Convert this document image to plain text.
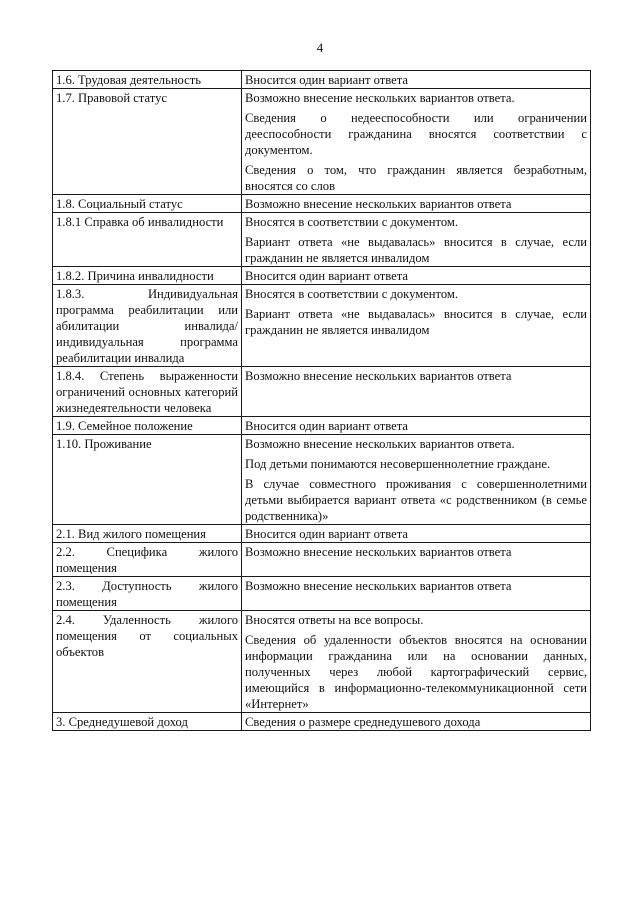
4
1.6. Трудовая деятельность	Вносится один вариант ответа

1.7. Правовой статус	Возможно внесение нескольких вариантов ответа.
Сведения о недееспособности или ограничении дееспособности гражданина вносятся соответствии с документом.
Сведения о том, что гражданин является безработным, вносятся со слов

1.8. Социальный статус	Возможно внесение нескольких вариантов ответа

1.8.1 Справка об инвалидности	Вносятся в соответствии с документом.
Вариант ответа «не выдавалась» вносится в случае, если гражданин не является инвалидом

1.8.2. Причина инвалидности	Вносится один вариант ответа

1.8.3. Индивидуальная программа реабилитации или абилитации инвалида/индивидуальная программа реабилитации инвалида	Вносятся в соответствии с документом.
Вариант ответа «не выдавалась» вносится в случае, если гражданин не является инвалидом

1.8.4. Степень выраженности ограничений основных категорий жизнедеятельности человека	Возможно внесение нескольких вариантов ответа

1.9. Семейное положение	Вносится один вариант ответа

1.10. Проживание	Возможно внесение нескольких вариантов ответа.
Под детьми понимаются несовершеннолетние граждане.
В случае совместного проживания с совершеннолетними детьми выбирается вариант ответа «с родственником (в семье родственника)»

2.1. Вид жилого помещения	Вносится один вариант ответа

2.2. Специфика жилого помещения	Возможно внесение нескольких вариантов ответа

2.3. Доступность жилого помещения	Возможно внесение нескольких вариантов ответа

2.4. Удаленность жилого помещения от социальных объектов	Вносятся ответы на все вопросы.
Сведения об удаленности объектов вносятся на основании информации гражданина или на основании данных, полученных через любой картографический сервис, имеющийся в информационно-телекоммуникационной сети «Интернет»

3. Среднедушевой доход	Сведения о размере среднедушевого дохода
